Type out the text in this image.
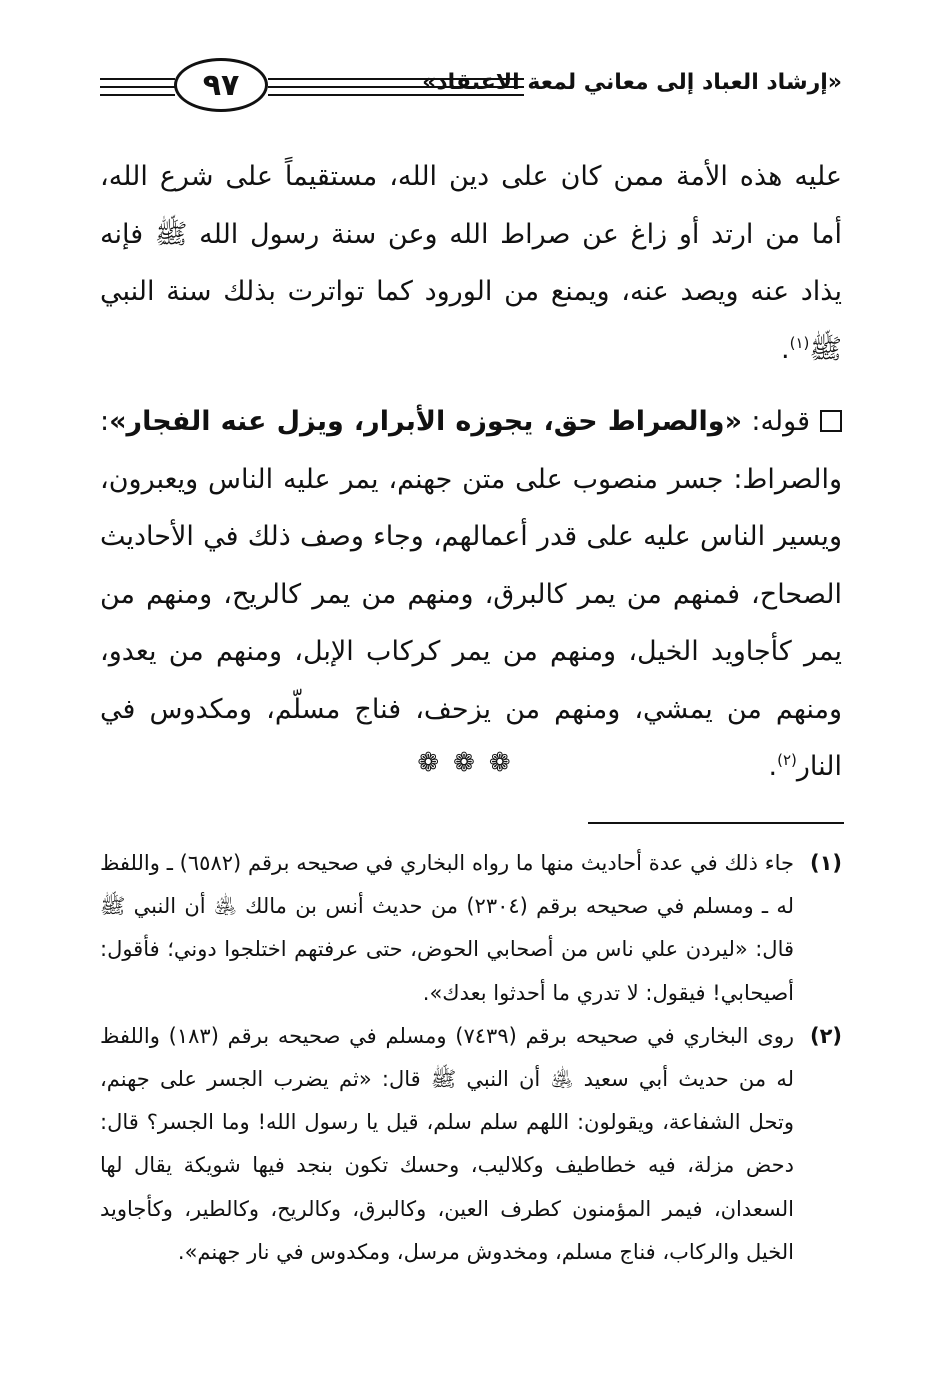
٩٧	«إرشاد العباد إلى معاني لمعة الاعتقاد»

عليه هذه الأمة ممن كان على دين الله، مستقيماً على شرع الله، أما من ارتد أو زاغ عن صراط الله وعن سنة رسول الله ﷺ فإنه يذاد عنه ويصد عنه، ويمنع من الورود كما تواترت بذلك سنة النبي ﷺ$^{(١)}$.

قوله: «والصراط حق، يجوزه الأبرار، ويزل عنه الفجار»: والصراط: جسر منصوب على متن جهنم، يمر عليه الناس ويعبرون، ويسير الناس عليه على قدر أعمالهم، وجاء وصف ذلك في الأحاديث الصحاح، فمنهم من يمر كالبرق، ومنهم من يمر كالريح، ومنهم من يمر كأجاويد الخيل، ومنهم من يمر كركاب الإبل، ومنهم من يعدو، ومنهم من يمشي، ومنهم من يزحف، فناج مسلّم، ومكدوس في النار$^{(٢)}$.

❁❁❁
(١)
جاء ذلك في عدة أحاديث منها ما رواه البخاري في صحيحه برقم (٦٥٨٢) ـ واللفظ له ـ ومسلم في صحيحه برقم (٢٣٠٤) من حديث أنس بن مالك ﵁ أن النبي ﷺ قال: «ليردن علي ناس من أصحابي الحوض، حتى عرفتهم اختلجوا دوني؛ فأقول: أصيحابي! فيقول: لا تدري ما أحدثوا بعدك».
(٢)
روى البخاري في صحيحه برقم (٧٤٣٩) ومسلم في صحيحه برقم (١٨٣) واللفظ له من حديث أبي سعيد ﵁ أن النبي ﷺ قال: «ثم يضرب الجسر على جهنم، وتحل الشفاعة، ويقولون: اللهم سلم سلم، قيل يا رسول الله! وما الجسر؟ قال: دحض مزلة، فيه خطاطيف وكلاليب، وحسك تكون بنجد فيها شويكة يقال لها السعدان، فيمر المؤمنون كطرف العين، وكالبرق، وكالريح، وكالطير، وكأجاويد الخيل والركاب، فناج مسلم، ومخدوش مرسل، ومكدوس في نار جهنم».
